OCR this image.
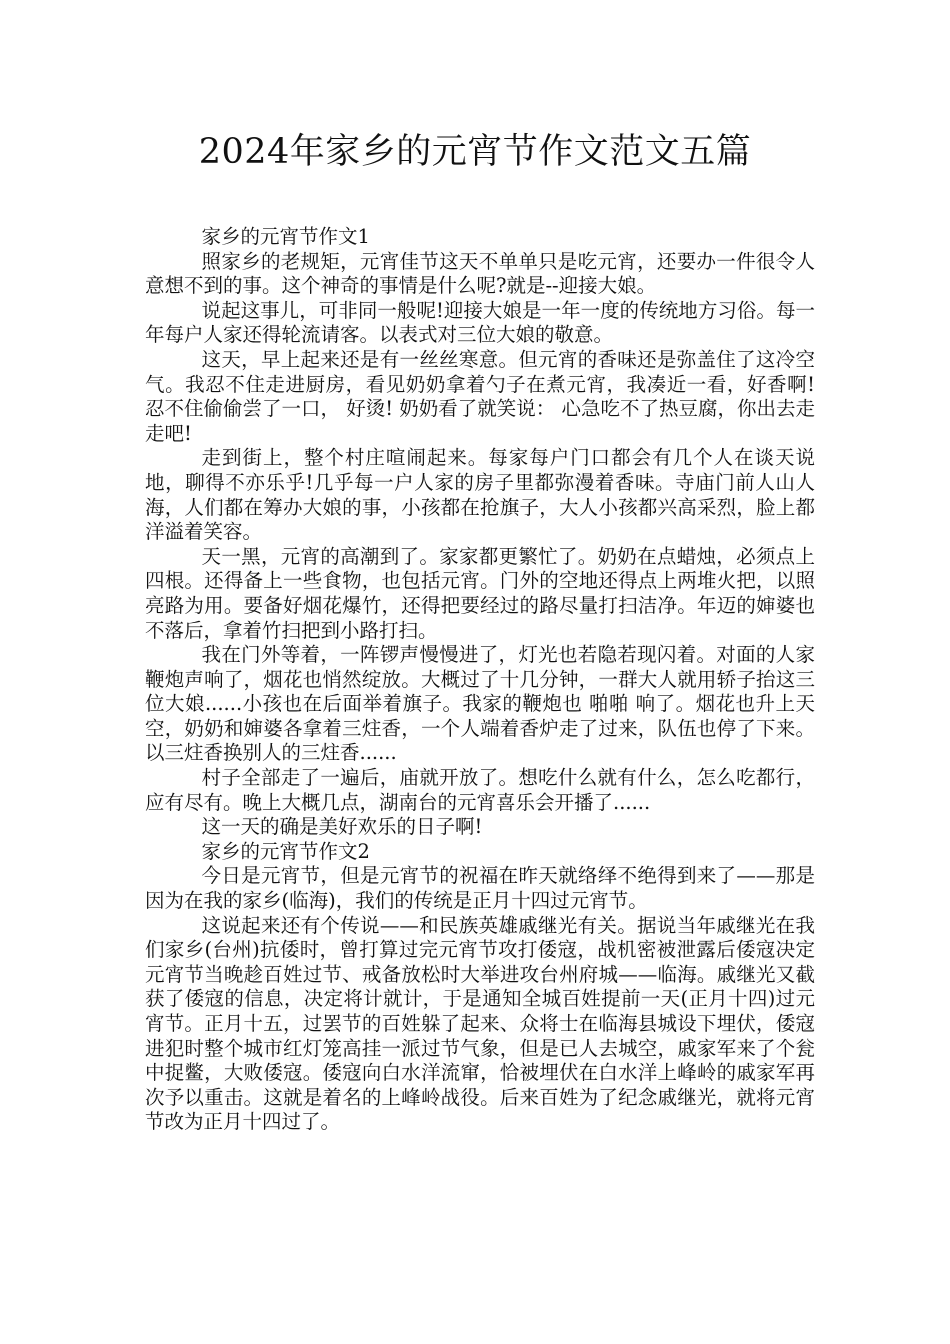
2024年家乡的元宵节作文范文五篇

家乡的元宵节作文1

照家乡的老规矩，元宵佳节这天不单单只是吃元宵，还要办一件很令人意想不到的事。这个神奇的事情是什么呢?就是--迎接大娘。

说起这事儿，可非同一般呢!迎接大娘是一年一度的传统地方习俗。每一年每户人家还得轮流请客。以表式对三位大娘的敬意。

这天，早上起来还是有一丝丝寒意。但元宵的香味还是弥盖住了这冷空气。我忍不住走进厨房，看见奶奶拿着勺子在煮元宵，我凑近一看，好香啊!忍不住偷偷尝了一口， 好烫! 奶奶看了就笑说： 心急吃不了热豆腐，你出去走走吧!

走到街上，整个村庄喧闹起来。每家每户门口都会有几个人在谈天说地，聊得不亦乐乎!几乎每一户人家的房子里都弥漫着香味。寺庙门前人山人海，人们都在筹办大娘的事，小孩都在抢旗子，大人小孩都兴高采烈，脸上都洋溢着笑容。

天一黑，元宵的高潮到了。家家都更繁忙了。奶奶在点蜡烛，必须点上四根。还得备上一些食物，也包括元宵。门外的空地还得点上两堆火把，以照亮路为用。要备好烟花爆竹，还得把要经过的路尽量打扫洁净。年迈的婶婆也不落后，拿着竹扫把到小路打扫。

我在门外等着，一阵锣声慢慢进了，灯光也若隐若现闪着。对面的人家鞭炮声响了，烟花也悄然绽放。大概过了十几分钟，一群大人就用轿子抬这三位大娘......小孩也在后面举着旗子。我家的鞭炮也 啪啪 响了。烟花也升上天空，奶奶和婶婆各拿着三炷香，一个人端着香炉走了过来，队伍也停了下来。以三炷香换别人的三炷香......

村子全部走了一遍后，庙就开放了。想吃什么就有什么，怎么吃都行，应有尽有。晚上大概几点，湖南台的元宵喜乐会开播了......

这一天的确是美好欢乐的日子啊!

家乡的元宵节作文2

今日是元宵节，但是元宵节的祝福在昨天就络绎不绝得到来了——那是因为在我的家乡(临海)，我们的传统是正月十四过元宵节。

这说起来还有个传说——和民族英雄戚继光有关。据说当年戚继光在我们家乡(台州)抗倭时，曾打算过完元宵节攻打倭寇，战机密被泄露后倭寇决定元宵节当晚趁百姓过节、戒备放松时大举进攻台州府城——临海。戚继光又截获了倭寇的信息，决定将计就计，于是通知全城百姓提前一天(正月十四)过元宵节。正月十五，过罢节的百姓躲了起来、众将士在临海县城设下埋伏，倭寇进犯时整个城市红灯笼高挂一派过节气象，但是已人去城空，戚家军来了个瓮中捉鳖，大败倭寇。倭寇向白水洋流窜，恰被埋伏在白水洋上峰岭的戚家军再次予以重击。这就是着名的上峰岭战役。后来百姓为了纪念戚继光，就将元宵节改为正月十四过了。
